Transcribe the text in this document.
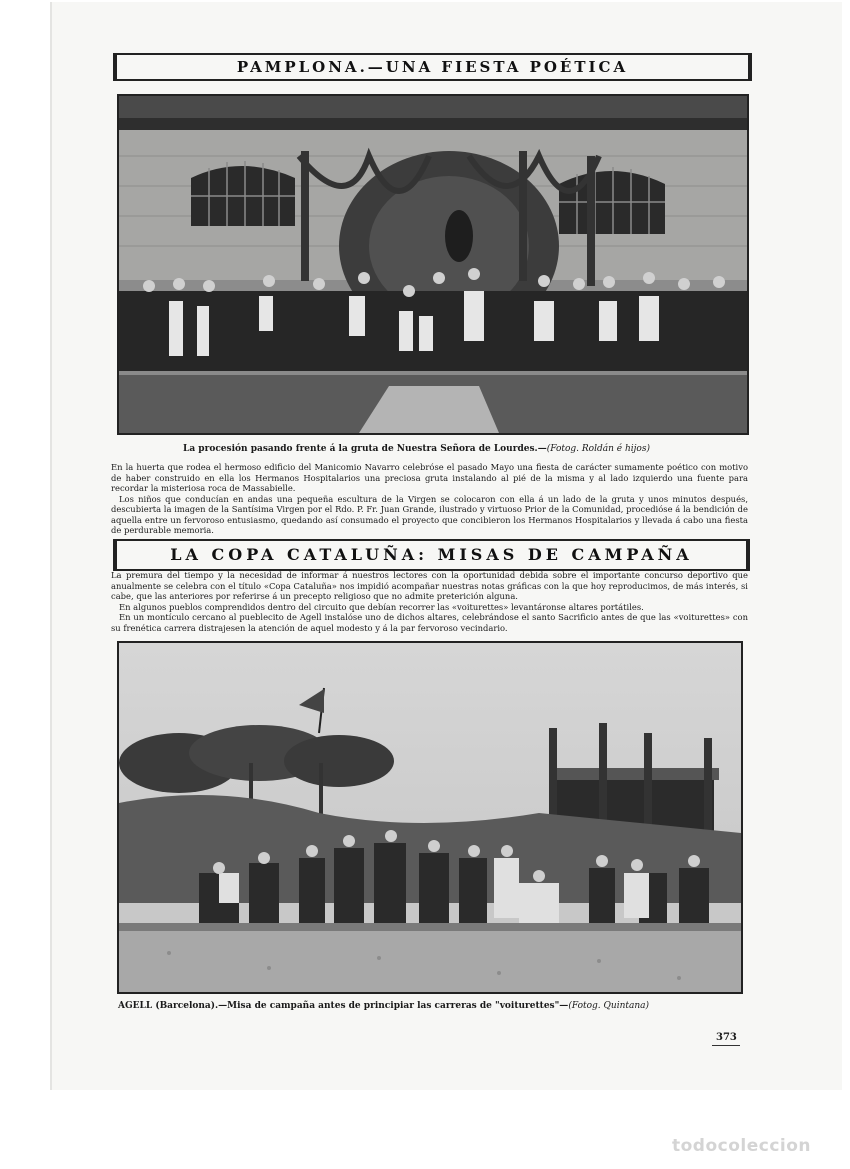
PAMPLONA.—UNA FIESTA POÉTICA
La procesión pasando frente á la gruta de Nuestra Señora de Lourdes.—(Fotog. Roldán é hijos)

En la huerta que rodea el hermoso edificio del Manicomio Navarro celebróse el pasado Mayo una fiesta de carácter sumamente poético con motivo de haber construido en ella los Hermanos Hospitalarios una preciosa gruta instalando al pié de la misma y al lado izquierdo una fuente para recordar la misteriosa roca de Massabielle.
Los niños que conducían en andas una pequeña escultura de la Virgen se colocaron con ella á un lado de la gruta y unos minutos después, descubierta la imagen de la Santísima Virgen por el Rdo. P. Fr. Juan Grande, ilustrado y virtuoso Prior de la Comunidad, procedióse á la bendición de aquella entre un fervoroso entusiasmo, quedando así consumado el proyecto que concibieron los Hermanos Hospitalarios y llevada á cabo una fiesta de perdurable memoria.

LA COPA CATALUÑA: MISAS DE CAMPAÑA

La premura del tiempo y la necesidad de informar á nuestros lectores con la oportunidad debida sobre el importante concurso deportivo que anualmente se celebra con el título «Copa Cataluña» nos impidió acompañar nuestras notas gráficas con la que hoy reproducimos, de más interés, si cabe, que las anteriores por referirse á un precepto religioso que no admite preterición alguna.
En algunos pueblos comprendidos dentro del circuito que debían recorrer las «voiturettes» levantáronse altares portátiles.
En un montículo cercano al pueblecito de Agell instalóse uno de dichos altares, celebrándose el santo Sacrificio antes de que las «voiturettes» con su frenética carrera distrajesen la atención de aquel modesto y á la par fervoroso vecindario.

AGELL (Barcelona).—Misa de campaña antes de principiar las carreras de "voiturettes"—(Fotog. Quintana)
373
todocoleccion
